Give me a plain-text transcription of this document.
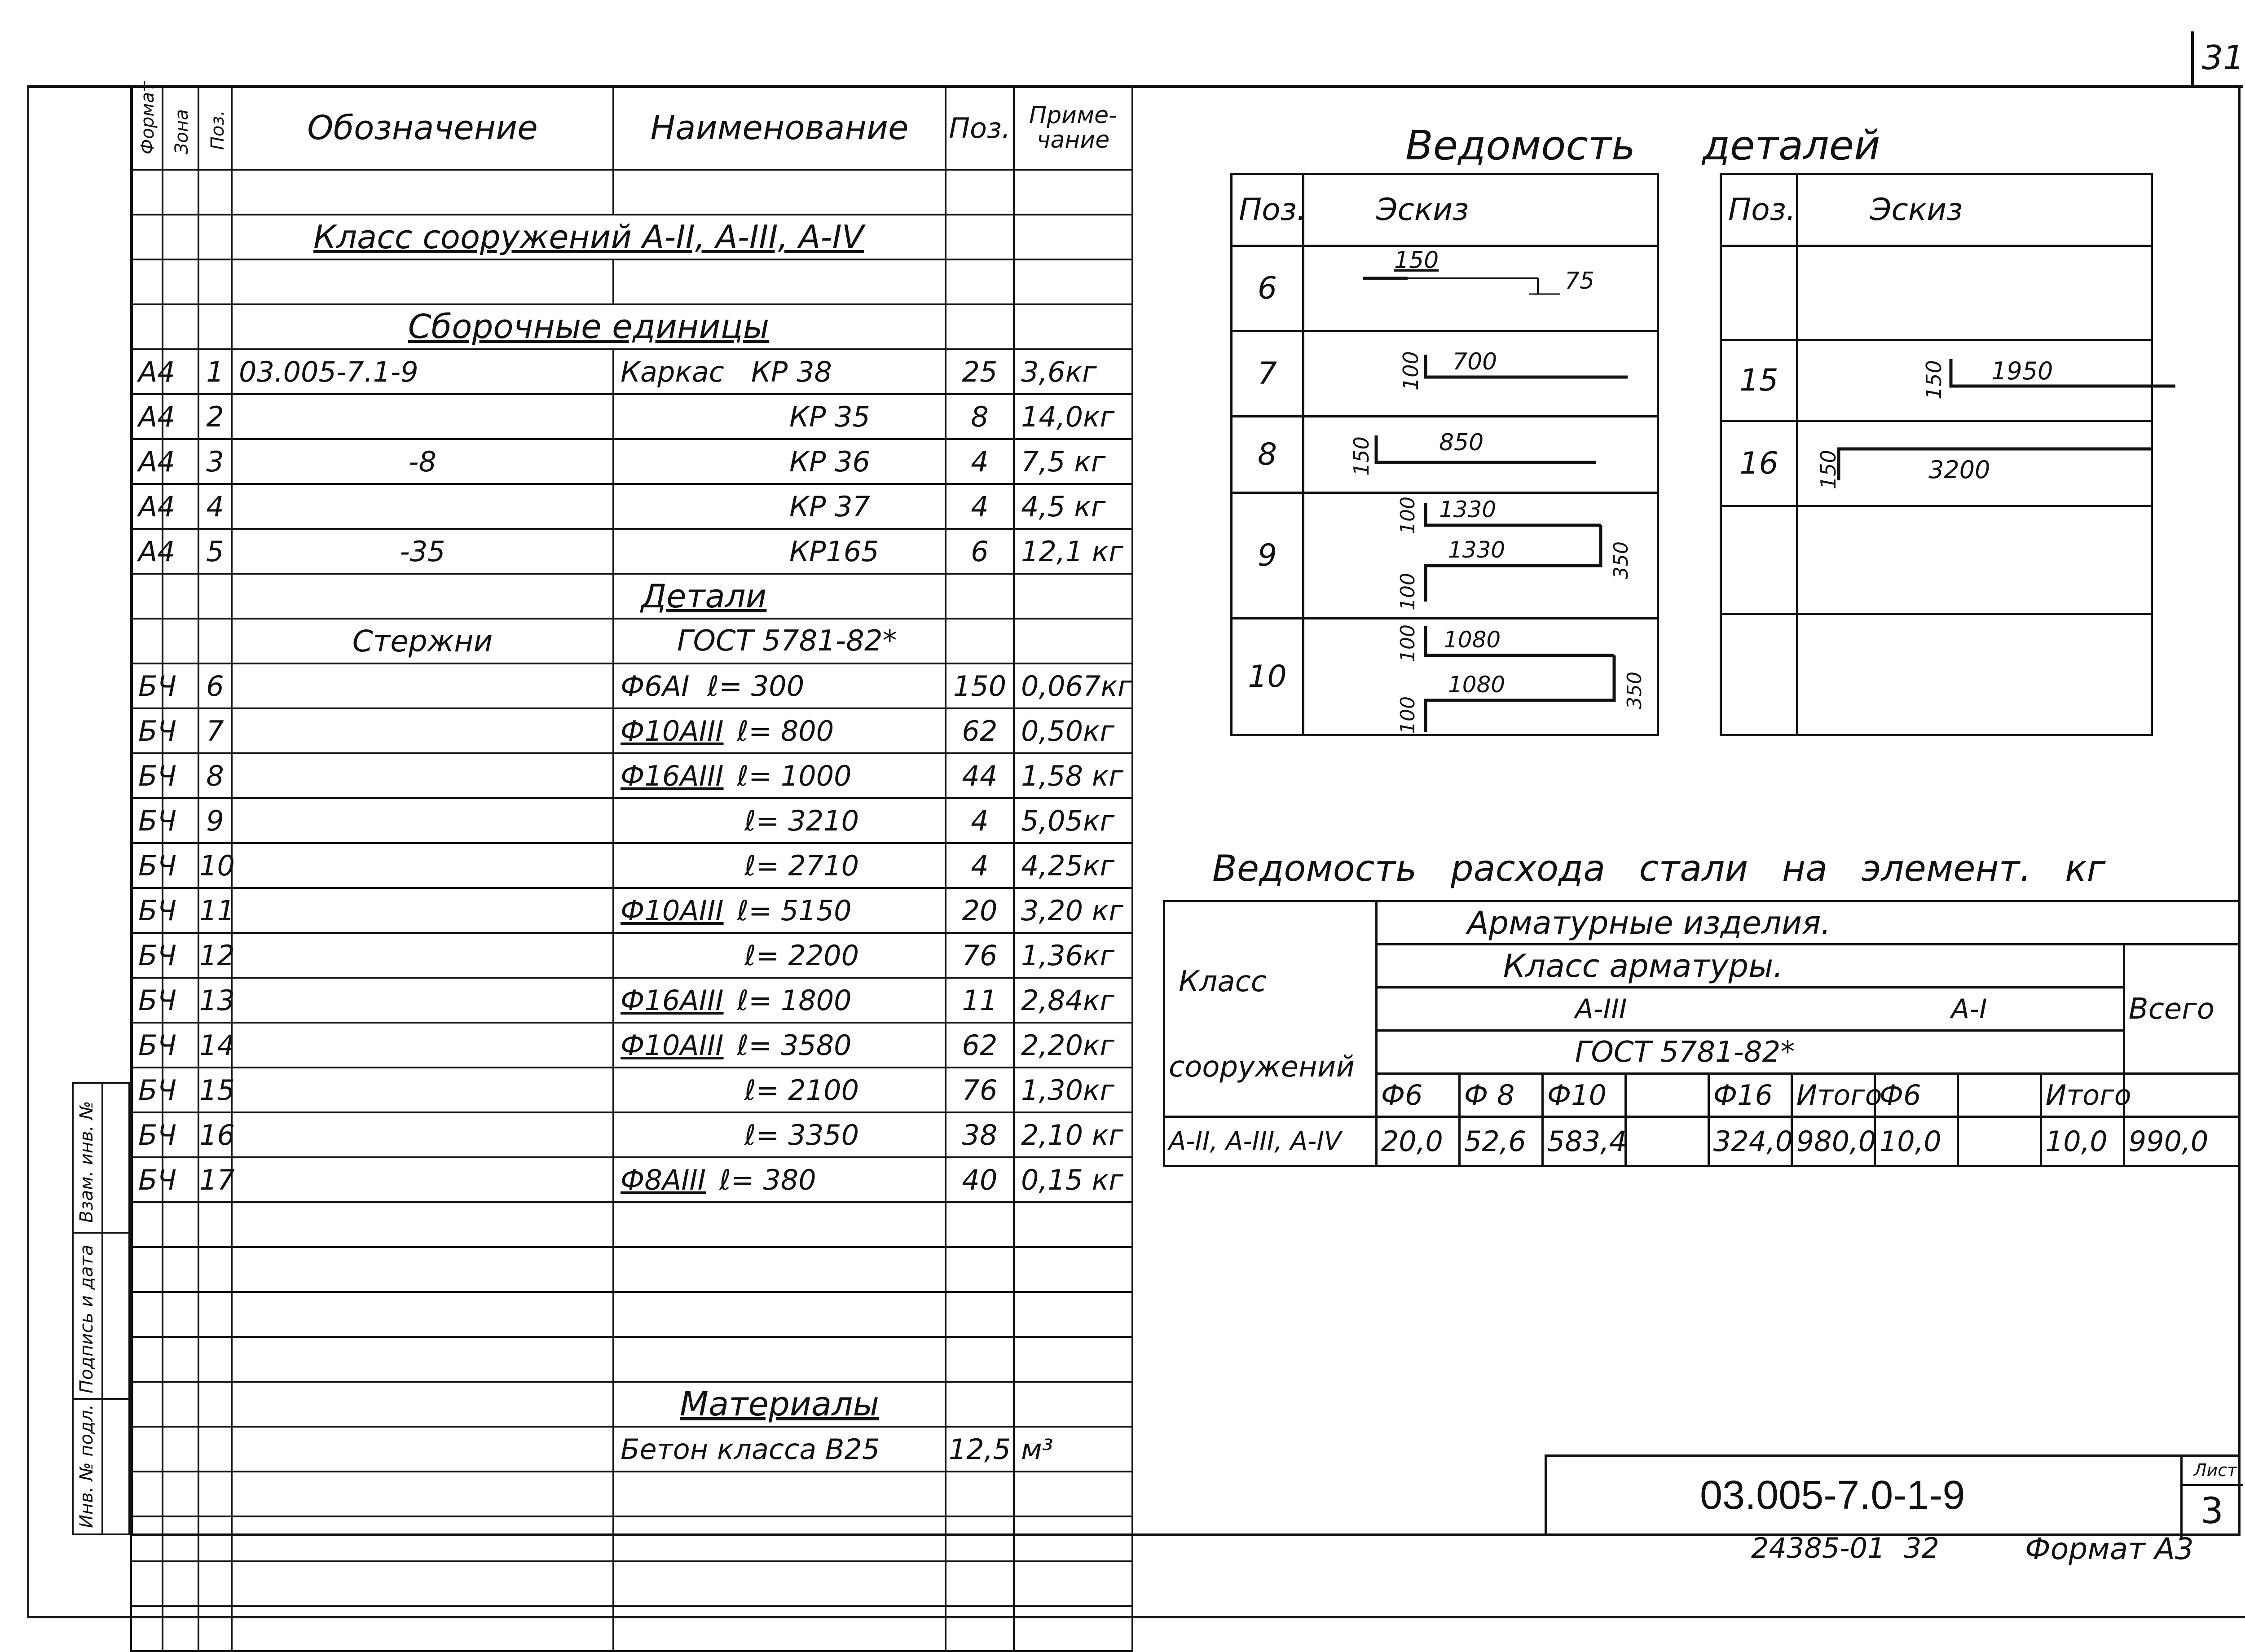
31
Формат	Зона	Поз.	Обозначение	Наименование	Поз.	Приме-чание

			Класс сооружений А-II, А-III, А-IV			

			Сборочные единицы			
А4		1	03.005-7.1-9	Каркас КР 38	25	3,6кг
А4		2		КР 35	8	14,0кг
А4		3	-8	КР 36	4	7,5 кг
А4		4		КР 37	4	4,5 кг
А4		5	-35	КР165	6	12,1 кг
				Детали		
			Стержни	ГОСТ 5781-82*		
БЧ		6		Ф6АI ℓ= 300	150	0,067кг
БЧ		7		Ф10АIII ℓ= 800	62	0,50кг
БЧ		8		Ф16АIII ℓ= 1000	44	1,58 кг
БЧ		9		ℓ= 3210	4	5,05кг
БЧ		10		ℓ= 2710	4	4,25кг
БЧ		11		Ф10АIII ℓ= 5150	20	3,20 кг
БЧ		12		ℓ= 2200	76	1,36кг
БЧ		13		Ф16АIII ℓ= 1800	11	2,84кг
БЧ		14		Ф10АIII ℓ= 3580	62	2,20кг
БЧ		15		ℓ= 2100	76	1,30кг
БЧ		16		ℓ= 3350	38	2,10 кг
БЧ		17		Ф8АIII ℓ= 380	40	0,15 кг

				Материалы		
				Бетон класса В25	12,5	м³

Взам. инв. №
Подпись и дата
Инв. № подл.
Ведомость деталей
Поз.	Эскиз
6	150
75

7	100 700

8	150 850

9	100 1330
1330 350
100

10	100 1080
1080 350
100
Поз.	Эскиз

15	150 1950

16	150 3200

Ведомость расхода стали на элемент. кг
Класс
сооружений	Арматурные изделия.									
	Класс арматуры.									Всего
	А-III						А-I			
	ГОСТ 5781-82*									
	Ф6	Ф 8	Ф10		Ф16	Итого	Ф6		Итого	
А-II, А-III, А-IV	20,0	52,6	583,4		324,0	980,0	10,0		10,0	990,0
03.005-7.0-1-9
Лист
3
24385-01 32	Формат А3
